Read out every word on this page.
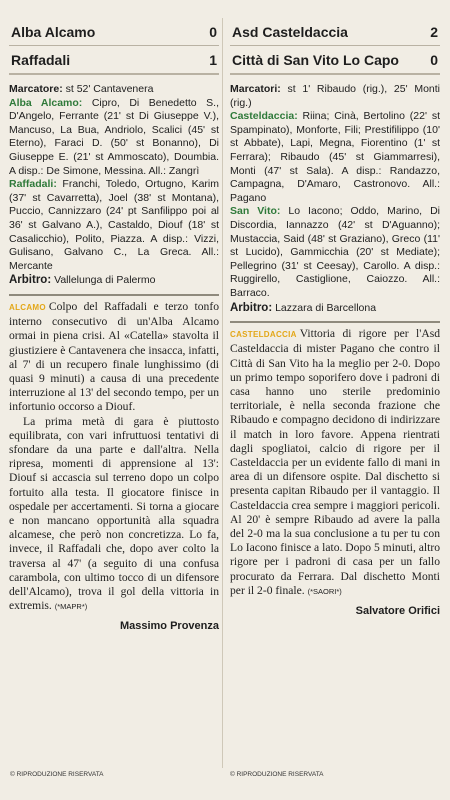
Alba Alcamo	0
Raffadali	1

Marcatore: st 52' Cantavenera

Alba Alcamo: Cipro, Di Benedetto S., D'Angelo, Ferrante (21' st Di Giuseppe V.), Mancuso, La Bua, Andriolo, Scalici (45' st Eterno), Faraci D. (50' st Bonanno), Di Giuseppe E. (21' st Ammoscato), Doumbia. A disp.: De Simone, Messina. All.: Zangrì

Raffadali: Franchi, Toledo, Ortugno, Karim (37' st Cavarretta), Joel (38' st Montana), Puccio, Cannizzaro (24' pt Sanfilippo poi al 36' st Galvano A.), Castaldo, Diouf (18' st Casalicchio), Polito, Piazza. A disp.: Vizzi, Gulisano, Galvano C., La Greca. All.: Mercante

Arbitro: Vallelunga di Palermo

ALCAMO Colpo del Raffadali e terzo tonfo interno consecutivo di un'Alba Alcamo ormai in piena crisi. Al «Catella» stavolta il giustiziere è Cantavenera che insacca, infatti, al 7' di un recupero finale lunghissimo (di quasi 9 minuti) a causa di una precedente interruzione al 13' del secondo tempo, per un infortunio occorso a Diouf.

La prima metà di gara è piuttosto equilibrata, con vari infruttuosi tentativi di sfondare da una parte e dall'altra. Nella ripresa, momenti di apprensione al 13': Diouf si accascia sul terreno dopo un colpo fortuito alla testa. Il giocatore finisce in ospedale per accertamenti. Si torna a giocare e non mancano opportunità alla squadra alcamese, che però non concretizza. Lo fa, invece, il Raffadali che, dopo aver colto la traversa al 47' (a seguito di una confusa carambola, con ultimo tocco di un difensore dell'Alcamo), trova il gol della vittoria in extremis. (*MAPR*)

Massimo Provenza
Asd Casteldaccia	2
Città di San Vito Lo Capo 0

Marcatori: st 1' Ribaudo (rig.), 25' Monti (rig.)

Casteldaccia: Riina; Cinà, Bertolino (22' st Spampinato), Monforte, Fili; Prestifilippo (10' st Abbate), Lapi, Megna, Fiorentino (1' st Ferrara); Ribaudo (45' st Giammarresi), Monti (47' st Sala). A disp.: Randazzo, Campagna, D'Amaro, Castronovo. All.: Pagano

San Vito: Lo Iacono; Oddo, Marino, Di Discordia, Iannazzo (42' st D'Aguanno); Mustaccia, Said (48' st Graziano), Greco (11' st Lucido), Gammicchia (20' st Mediate); Pellegrino (31' st Ceesay), Carollo. A disp.: Ruggirello, Castiglione, Caiozzo. All.: Barraco.

Arbitro: Lazzara di Barcellona

CASTELDACCIA Vittoria di rigore per l'Asd Casteldaccia di mister Pagano che contro il Città di San Vito ha la meglio per 2-0. Dopo un primo tempo soporifero dove i padroni di casa hanno uno sterile predominio territoriale, è nella seconda frazione che Ribaudo e compagno decidono di indirizzare il match in loro favore. Appena rientrati dagli spogliatoi, calcio di rigore per il Casteldaccia per un evidente fallo di mani in area di un difensore ospite. Dal dischetto si presenta capitan Ribaudo per il vantaggio. Il Casteldaccia crea sempre i maggiori pericoli. Al 20' è sempre Ribaudo ad avere la palla del 2-0 ma la sua conclusione a tu per tu con Lo Iacono finisce a lato. Dopo 5 minuti, altro rigore per i padroni di casa per un fallo procurato da Ferrara. Dal dischetto Monti per il 2-0 finale. (*SAORI*)

Salvatore Orifici
© RIPRODUZIONE RISERVATA	© RIPRODUZIONE RISERVATA
